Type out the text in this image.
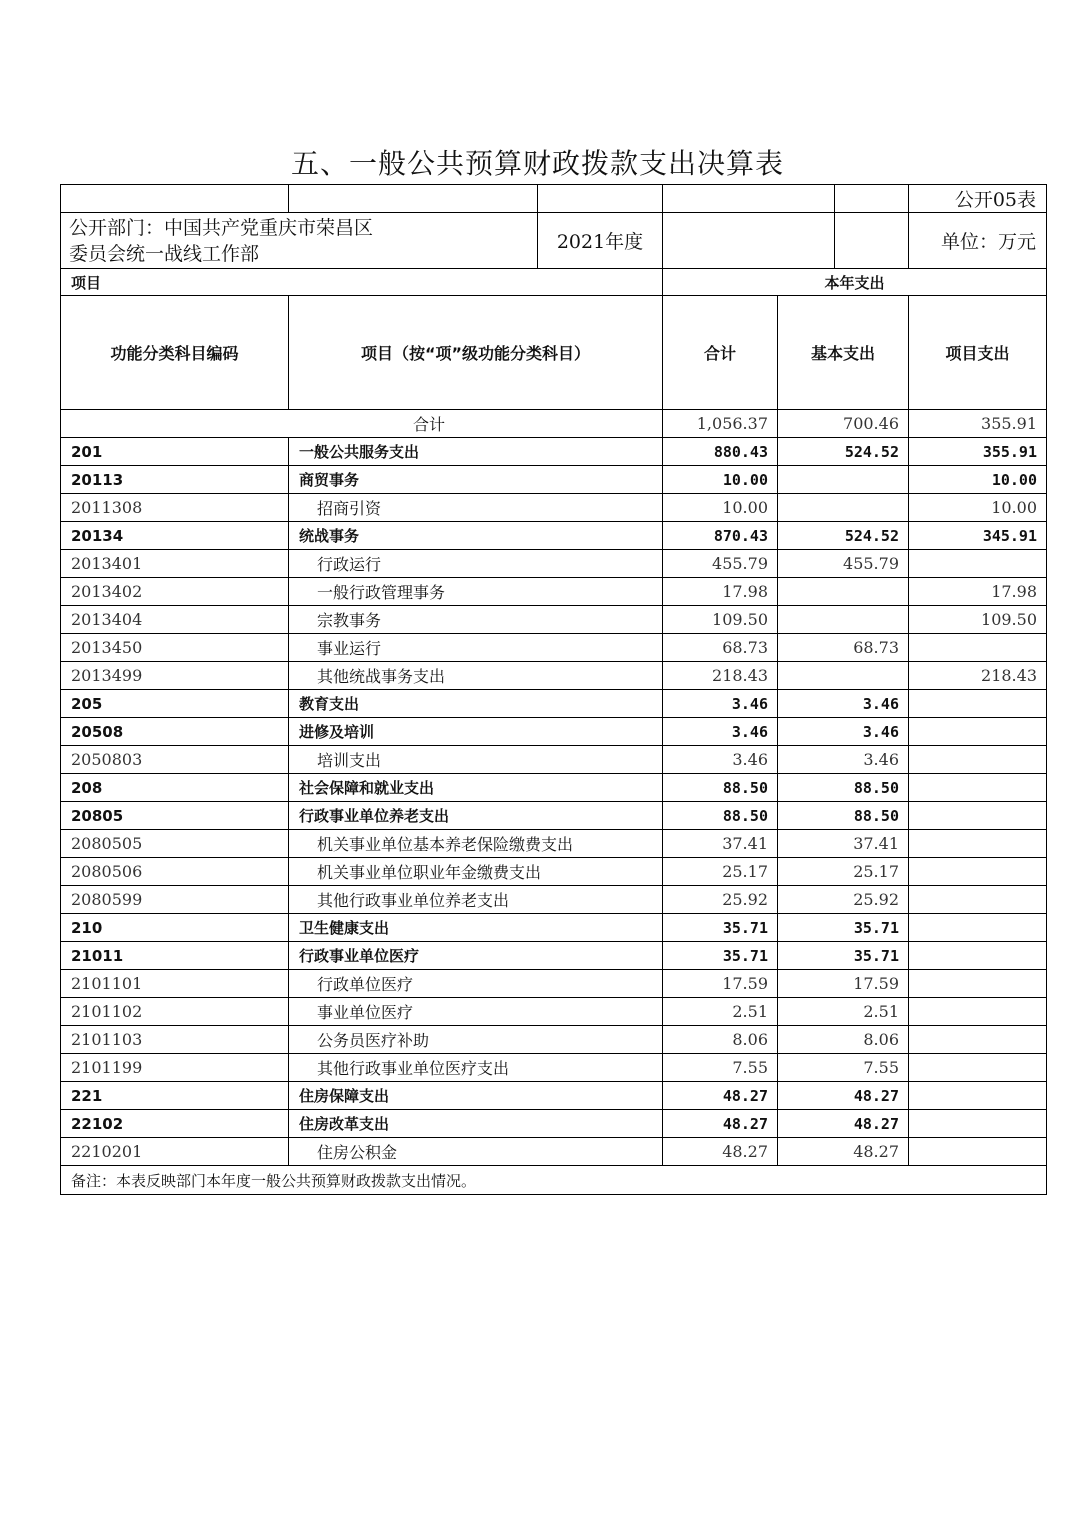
五、一般公共预算财政拨款支出决算表
						公开05表

公开部门：中国共产党重庆市荣昌区
委员会统一战线工作部		2021年度				单位：万元
项目			本年支出			
功能分类科目编码	项目（按“项”级功能分类科目）		合计	基本支出		项目支出
合计			1,056.37	700.46		355.91
201	一般公共服务支出		880.43	524.52		355.91
20113	商贸事务		10.00			10.00
2011308	招商引资		10.00			10.00
20134	统战事务		870.43	524.52		345.91
2013401	行政运行		455.79	455.79		
2013402	一般行政管理事务		17.98			17.98
2013404	宗教事务		109.50			109.50
2013450	事业运行		68.73	68.73		
2013499	其他统战事务支出		218.43			218.43
205	教育支出		3.46	3.46		
20508	进修及培训		3.46	3.46		
2050803	培训支出		3.46	3.46		
208	社会保障和就业支出		88.50	88.50		
20805	行政事业单位养老支出		88.50	88.50		
2080505	机关事业单位基本养老保险缴费支出		37.41	37.41		
2080506	机关事业单位职业年金缴费支出		25.17	25.17		
2080599	其他行政事业单位养老支出		25.92	25.92		
210	卫生健康支出		35.71	35.71		
21011	行政事业单位医疗		35.71	35.71		
2101101	行政单位医疗		17.59	17.59		
2101102	事业单位医疗		2.51	2.51		
2101103	公务员医疗补助		8.06	8.06		
2101199	其他行政事业单位医疗支出		7.55	7.55		
221	住房保障支出		48.27	48.27		
22102	住房改革支出		48.27	48.27		
2210201	住房公积金		48.27	48.27		
备注：本表反映部门本年度一般公共预算财政拨款支出情况。						
